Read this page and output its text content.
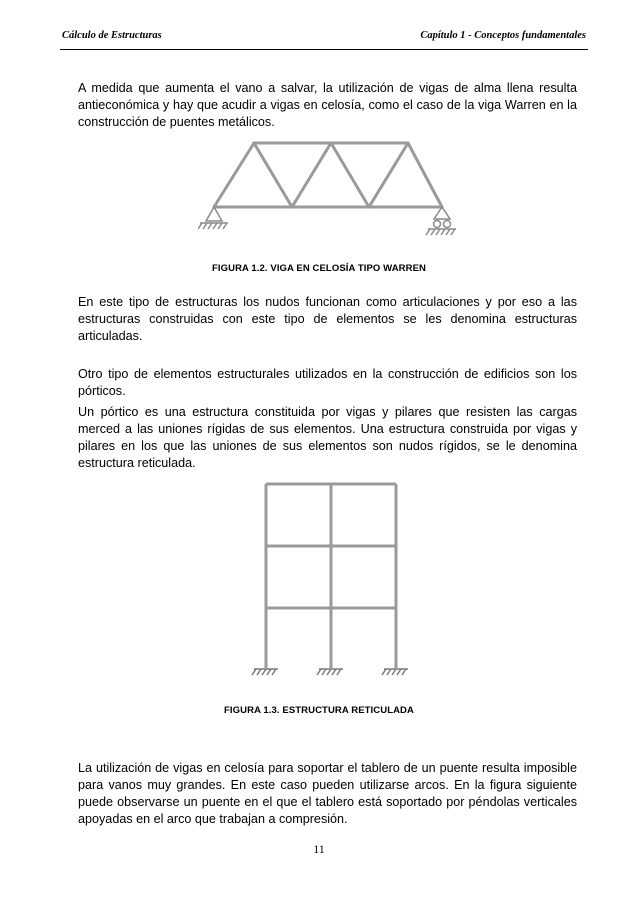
Cálculo de Estructuras	Capítulo 1 - Conceptos fundamentales

A medida que aumenta el vano a salvar, la utilización de vigas de alma llena resulta antieconómica y hay que acudir a vigas en celosía, como el caso de la viga Warren en la construcción de puentes metálicos.

FIGURA 1.2. VIGA EN CELOSÍA TIPO WARREN

En este tipo de estructuras los nudos funcionan como articulaciones y por eso a las estructuras construidas con este tipo de elementos se les denomina estructuras articuladas.

Otro tipo de elementos estructurales utilizados en la construcción de edificios son los pórticos.

Un pórtico es una estructura constituida por vigas y pilares que resisten las cargas merced a las uniones rígidas de sus elementos. Una estructura construida por vigas y pilares en los que las uniones de sus elementos son nudos rígidos, se le denomina estructura reticulada.

FIGURA 1.3. ESTRUCTURA RETICULADA

La utilización de vigas en celosía para soportar el tablero de un puente resulta imposible para vanos muy grandes. En este caso pueden utilizarse arcos. En la figura siguiente puede observarse un puente en el que el tablero está soportado por péndolas verticales apoyadas en el arco que trabajan a compresión.

11
